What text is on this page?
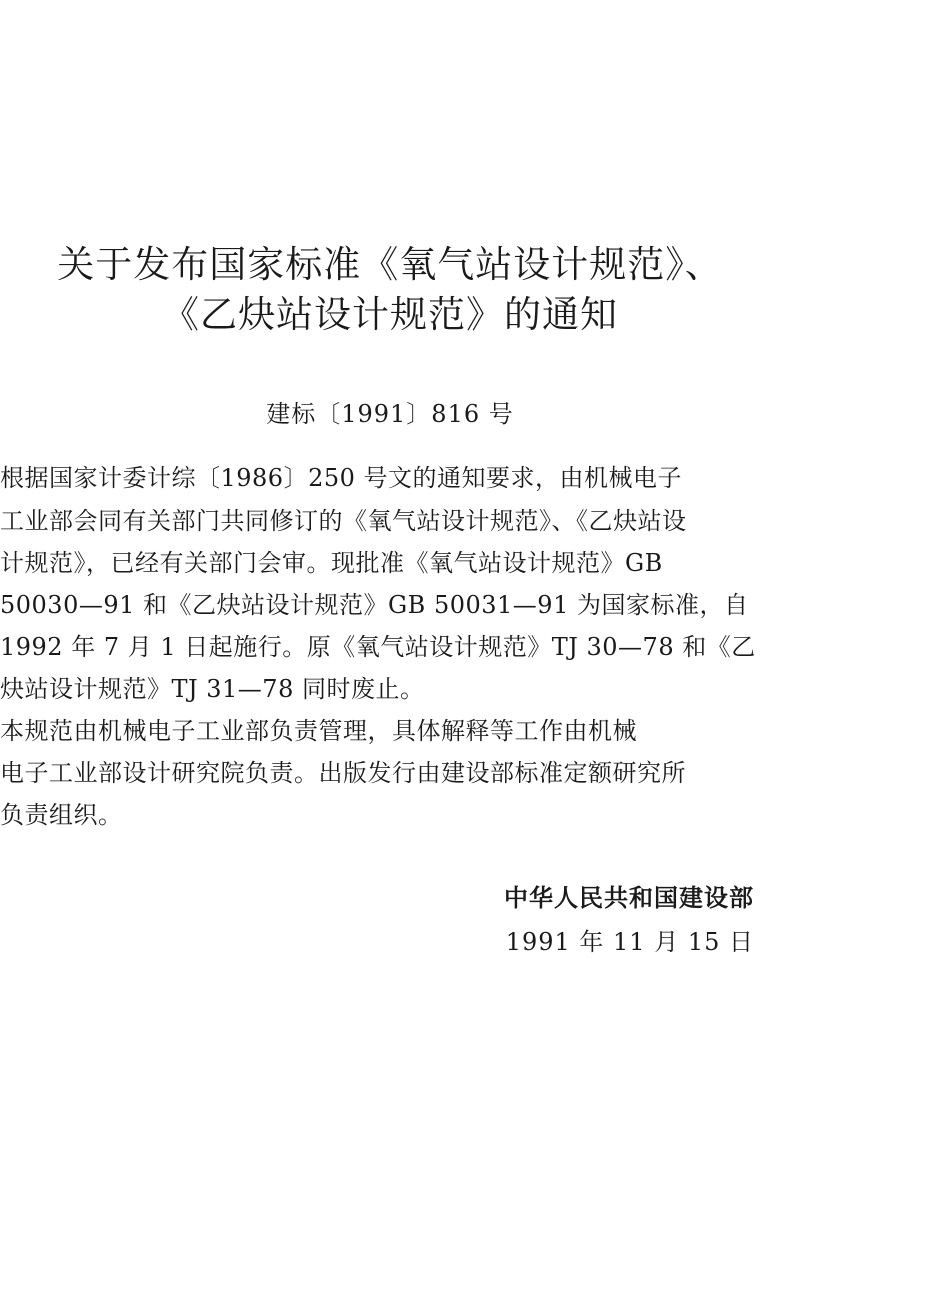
关于发布国家标准《氧气站设计规范》、
《乙炔站设计规范》的通知
建标〔1991〕816 号
根据国家计委计综〔1986〕250 号文的通知要求，由机械电子
工业部会同有关部门共同修订的《氧气站设计规范》、《乙炔站设
计规范》，已经有关部门会审。现批准《氧气站设计规范》GB
50030—91 和《乙炔站设计规范》GB 50031—91 为国家标准，自
1992 年 7 月 1 日起施行。原《氧气站设计规范》TJ 30—78 和《乙
炔站设计规范》TJ 31—78 同时废止。
本规范由机械电子工业部负责管理，具体解释等工作由机械
电子工业部设计研究院负责。出版发行由建设部标准定额研究所
负责组织。
中华人民共和国建设部
1991 年 11 月 15 日
